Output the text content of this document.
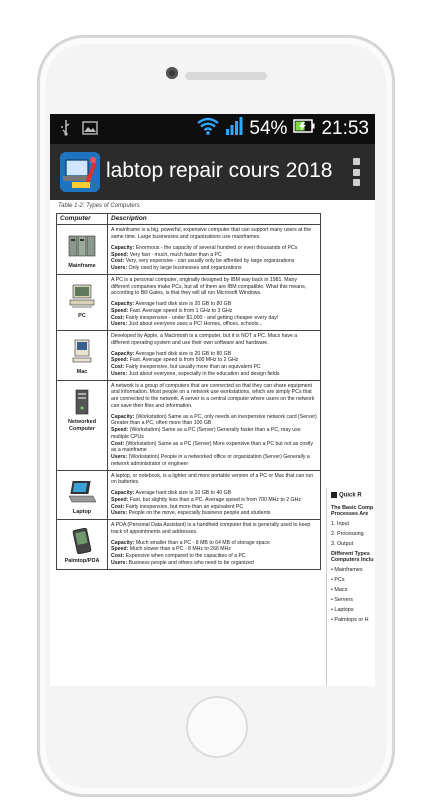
54% 21:53
labtop repair cours 2018
Table 1-2: Types of Computers
Computer	Description

Mainframe	A mainframe is a big, powerful, expensive computer that can support many users at the same time. Large businesses and organizations use mainframes.

Capacity: Enormous - the capacity of several hundred or even thousands of PCs
Speed: Very fast - much, much faster than a PC
Cost: Very, very expensive - can usually only be afforded by large organizations
Users: Only used by large businesses and organizations

PC	A PC is a personal computer, originally designed by IBM way back in 1981. Many different companies make PCs, but all of them are IBM compatible. What this means, according to Bill Gates, is that they will all run Microsoft Windows.

Capacity: Average hard disk size is 20 GB to 80 GB
Speed: Fast. Average speed is from 1 GHz to 3 GHz
Cost: Fairly inexpensive - under $1,000 - and getting cheaper every day!
Users: Just about everyone uses a PC! Homes, offices, schools...

Mac	Developed by Apple, a Macintosh is a computer, but it is NOT a PC. Macs have a different operating system and use their own software and hardware.

Capacity: Average hard disk size is 20 GB to 80 GB
Speed: Fast. Average speed is from 500 MHz to 2 GHz
Cost: Fairly inexpensive, but usually more than an equivalent PC
Users: Just about everyone, especially in the education and design fields

Networked Computer	A network is a group of computers that are connected so that they can share equipment and information. Most people on a network use workstations, which are simply PCs that are connected to the network. A server is a central computer where users on the network can save their files and information.

Capacity: (Workstation) Same as a PC, only needs an inexpensive network card (Server) Greater than a PC, often more than 100 GB
Speed: (Workstation) Same as a PC (Server) Generally faster than a PC, may use multiple CPUs
Cost: (Workstation) Same as a PC (Server) More expensive than a PC but not as costly as a mainframe
Users: (Workstation) People in a networked office or organization (Server) Generally a network administrator or engineer

Laptop	A laptop, or notebook, is a lighter and more portable version of a PC or Mac that can run on batteries.

Capacity: Average hard disk size is 10 GB to 40 GB
Speed: Fast, but slightly less than a PC. Average speed is from 700 MHz to 2 GHz
Cost: Fairly inexpensive, but more than an equivalent PC
Users: People on the move, especially business people and students

Palmtop/PDA	A PDA (Personal Data Assistant) is a handheld computer that is generally used to keep track of appointments and addresses.

Capacity: Much smaller than a PC - 8 MB to 64 MB of storage space
Speed: Much slower than a PC - 8 MHz to 266 MHz
Cost: Expensive when compared to the capacities of a PC
Users: Business people and others who need to be organized
Quick R
The Basic Comp Processes Are
1. Input
2. Processing
3. Output
Different Types Computers Inclu
• Mainframes
• PCs
• Macs
• Servers
• Laptops
• Palmtops or H
